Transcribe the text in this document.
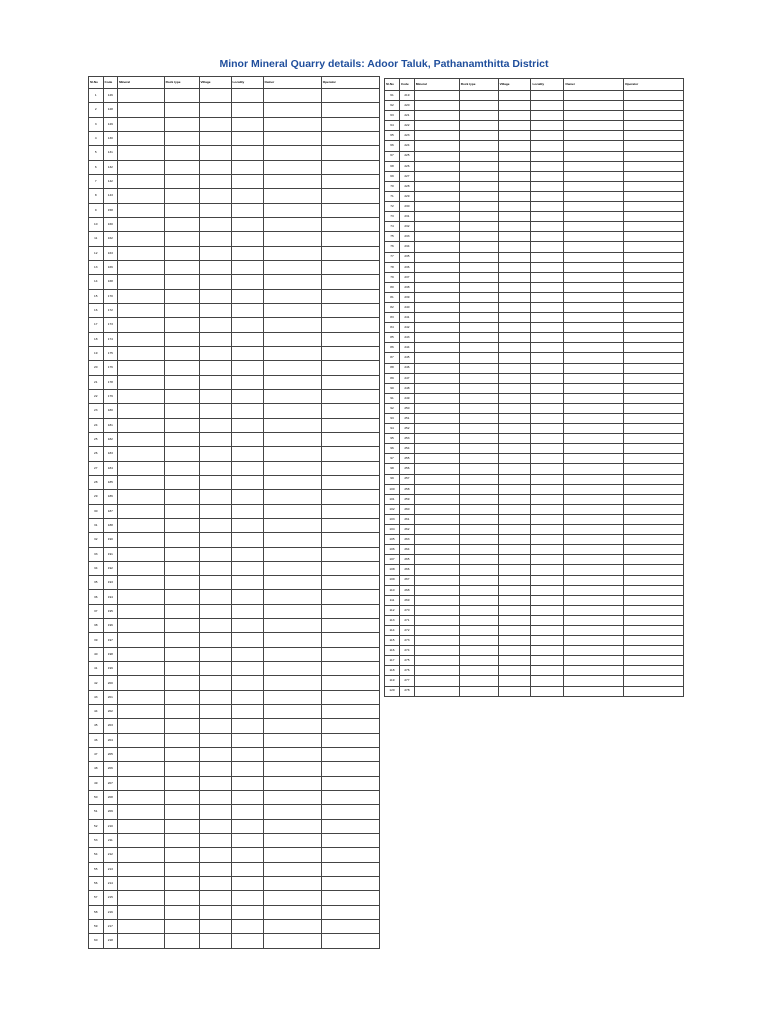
Minor Mineral Quarry details: Adoor Taluk, Pathanamthitta District
Sl.No	Code	Mineral	Rock type	Village	Locality	Owner	Operator
1	126						
2	128						
3	129						
4	130						
5	131						
6	132						
7	142						
8	143						
9	158						
10	160						
11	162						
12	163						
13	166						
14	168						
15	170						
16	172						
17	173						
18	174						
19	175						
20	176						
21	178						
22	179						
23	180						
24	181						
25	182						
26	183						
27	184						
28	185						
29	186						
30	187						
31	188						
32	190						
33	191						
34	192						
35	193						
36	194						
37	195						
38	196						
39	197						
40	198						
41	199						
42	200						
43	201						
44	202						
45	203						
46	204						
47	205						
48	206						
49	207						
50	208						
51	209						
52	210						
53	211						
54	212						
55	213						
56	214						
57	215						
58	216						
59	217						
60	218						
Sl.No	Code	Mineral	Rock type	Village	Locality	Owner	Operator
61	219						
62	220						
63	221						
64	222						
65	223						
66	224						
67	225						
68	226						
69	227						
70	228						
71	229						
72	230						
73	231						
74	232						
75	233						
76	234						
77	235						
78	236						
79	237						
80	238						
81	239						
82	240						
83	241						
84	242						
85	243						
86	244						
87	245						
88	246						
89	247						
90	248						
91	249						
92	250						
93	251						
94	252						
95	253						
96	254						
97	255						
98	256						
99	257						
100	258						
101	259						
102	260						
103	261						
104	262						
105	263						
106	264						
107	265						
108	266						
109	267						
110	268						
111	269						
112	270						
113	271						
114	272						
115	273						
116	274						
117	275						
118	276						
119	277						
120	278						
